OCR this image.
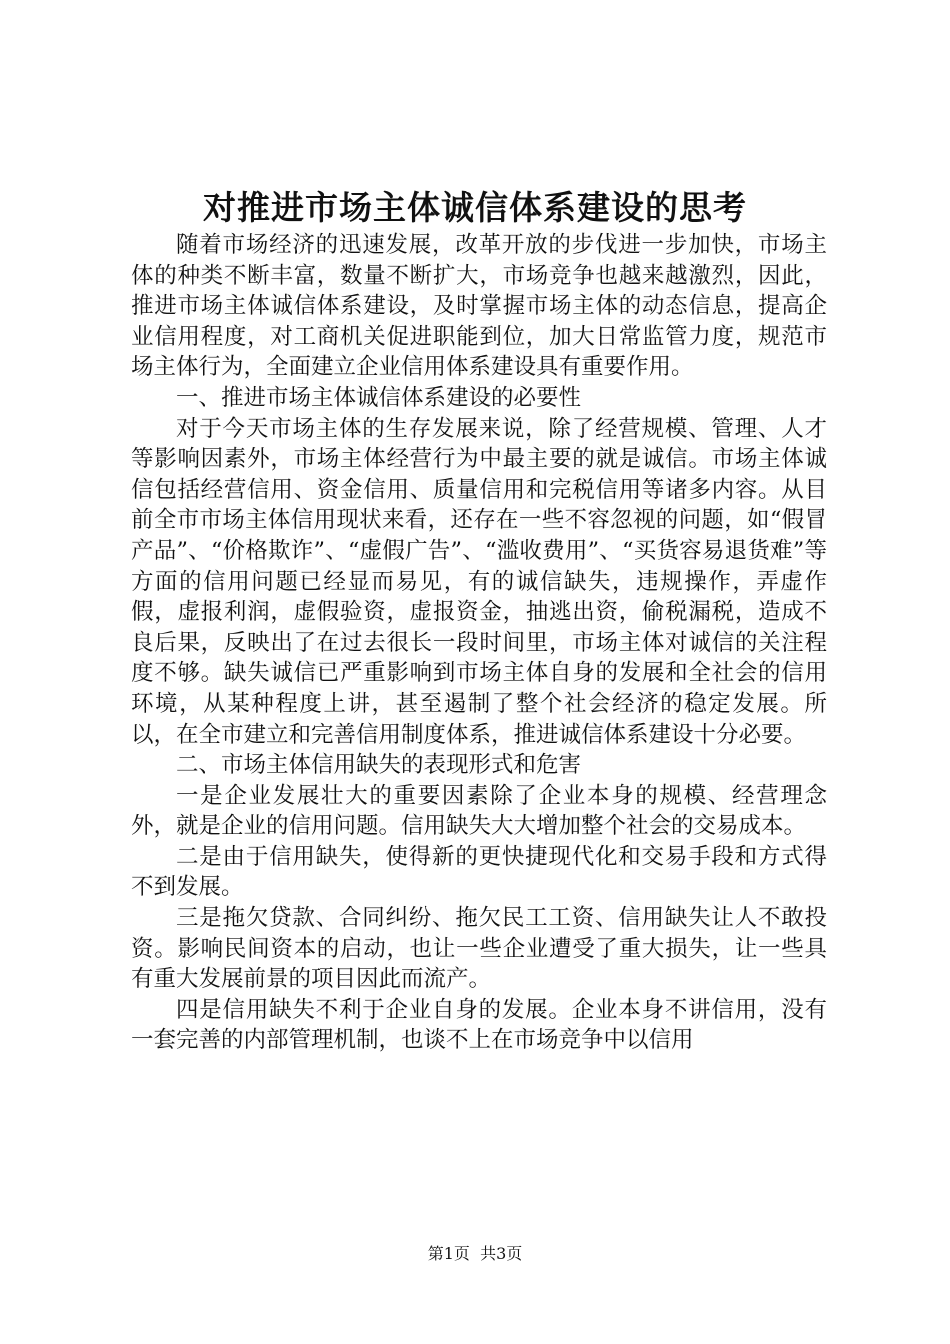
对推进市场主体诚信体系建设的思考

随着市场经济的迅速发展，改革开放的步伐进一步加快，市场主体的种类不断丰富，数量不断扩大，市场竞争也越来越激烈，因此，推进市场主体诚信体系建设，及时掌握市场主体的动态信息，提高企业信用程度，对工商机关促进职能到位，加大日常监管力度，规范市场主体行为，全面建立企业信用体系建设具有重要作用。

一、推进市场主体诚信体系建设的必要性

对于今天市场主体的生存发展来说，除了经营规模、管理、人才等影响因素外，市场主体经营行为中最主要的就是诚信。市场主体诚信包括经营信用、资金信用、质量信用和完税信用等诸多内容。从目前全市市场主体信用现状来看，还存在一些不容忽视的问题，如“假冒产品”、“价格欺诈”、“虚假广告”、“滥收费用”、“买货容易退货难”等方面的信用问题已经显而易见，有的诚信缺失，违规操作，弄虚作假，虚报利润，虚假验资，虚报资金，抽逃出资，偷税漏税，造成不良后果，反映出了在过去很长一段时间里，市场主体对诚信的关注程度不够。缺失诚信已严重影响到市场主体自身的发展和全社会的信用环境，从某种程度上讲，甚至遏制了整个社会经济的稳定发展。所以，在全市建立和完善信用制度体系，推进诚信体系建设十分必要。

二、市场主体信用缺失的表现形式和危害

一是企业发展壮大的重要因素除了企业本身的规模、经营理念外，就是企业的信用问题。信用缺失大大增加整个社会的交易成本。

二是由于信用缺失，使得新的更快捷现代化和交易手段和方式得不到发展。

三是拖欠贷款、合同纠纷、拖欠民工工资、信用缺失让人不敢投资。影响民间资本的启动，也让一些企业遭受了重大损失，让一些具有重大发展前景的项目因此而流产。

四是信用缺失不利于企业自身的发展。企业本身不讲信用，没有一套完善的内部管理机制，也谈不上在市场竞争中以信用

第1页  共3页
